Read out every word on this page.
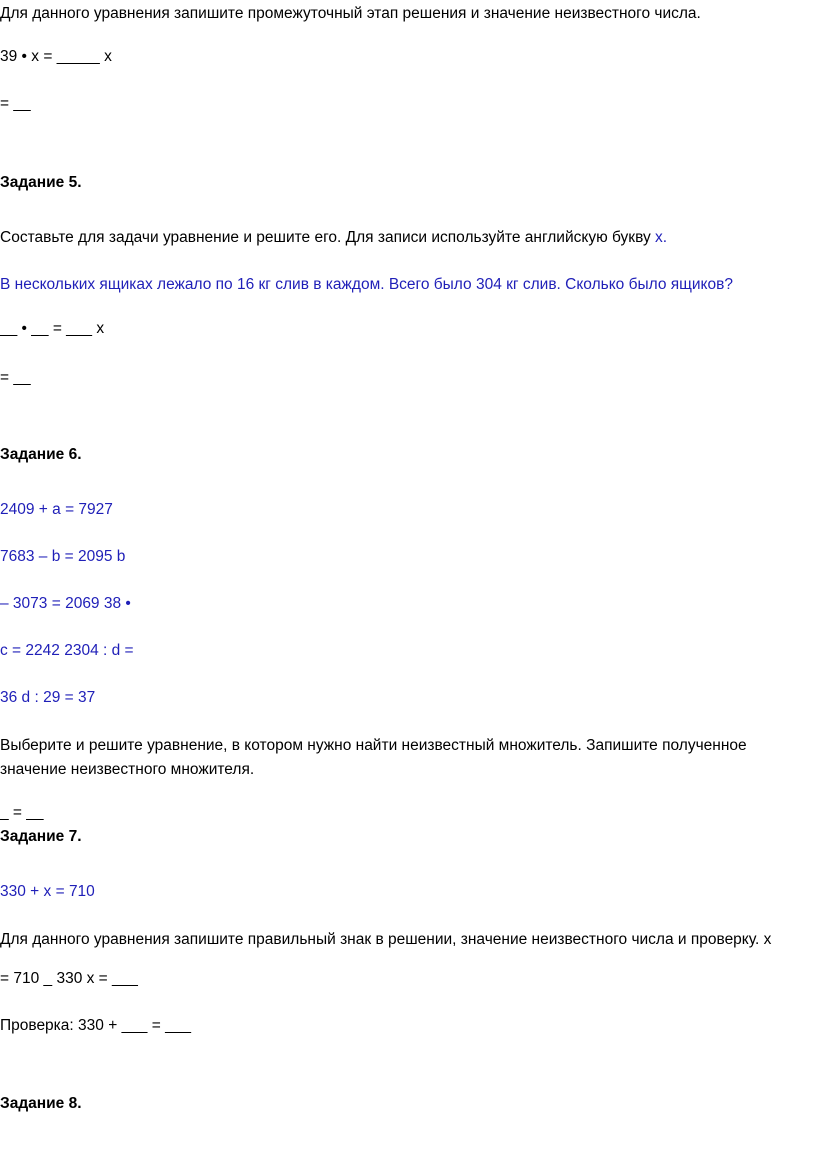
Для данного уравнения запишите промежуточный этап решения и значение неизвестного числа.
39 • x = _____ x
= __
Задание 5.
Составьте для задачи уравнение и решите его. Для записи используйте английскую букву x.
В нескольких ящиках лежало по 16 кг слив в каждом. Всего было 304 кг слив. Сколько было ящиков?
__ • __ = ___ x
= __
Задание 6.
2409 + a = 7927
7683 – b = 2095 b
– 3073 = 2069 38 •
c = 2242 2304 : d =
36 d : 29 = 37
Выберите и решите уравнение, в котором нужно найти неизвестный множитель. Запишите полученное
значение неизвестного множителя.
_ = __
Задание 7.
330 + x = 710
Для данного уравнения запишите правильный знак в решении, значение неизвестного числа и проверку. x
= 710 _ 330 x = ___
Проверка: 330 + ___ = ___
Задание 8.
